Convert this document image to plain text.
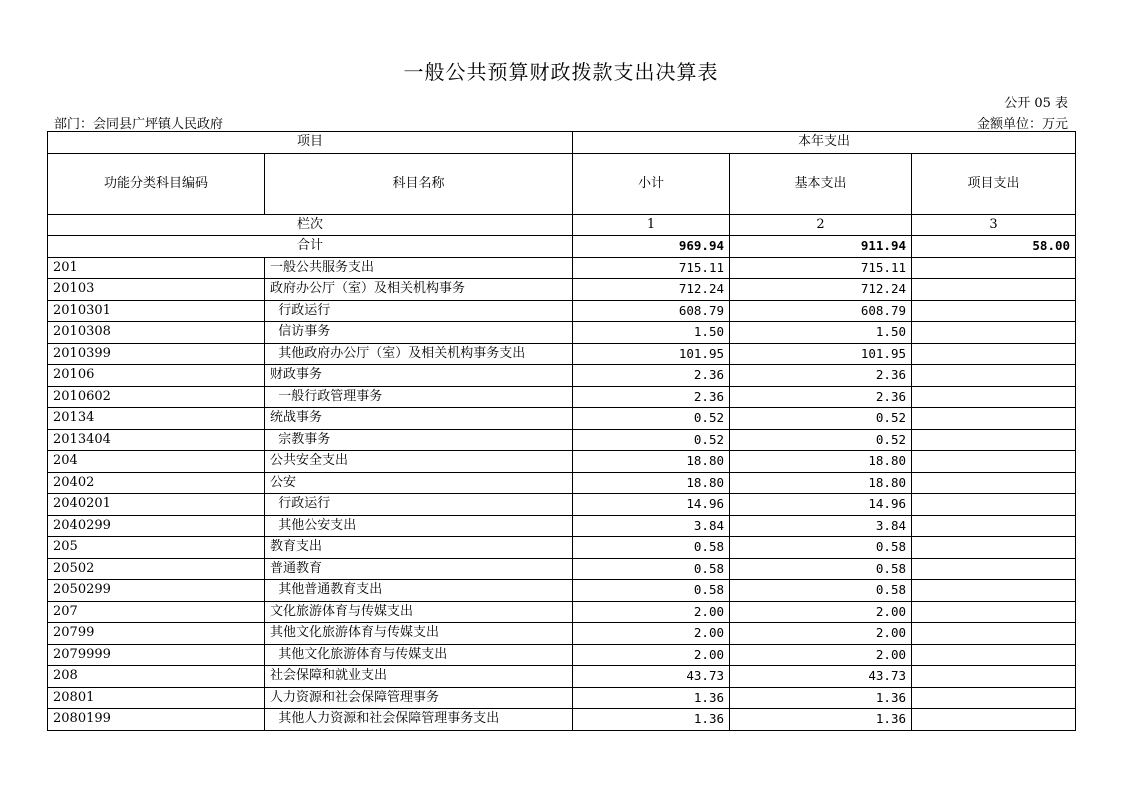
一般公共预算财政拨款支出决算表
公开 05 表
部门：会同县广坪镇人民政府	金额单位：万元
项目		本年支出		
功能分类科目编码	科目名称	小计	基本支出	项目支出
栏次		1	2	3
合计		969.94	911.94	58.00
201	一般公共服务支出	715.11	715.11	
20103	政府办公厅（室）及相关机构事务	712.24	712.24	
2010301	行政运行	608.79	608.79	
2010308	信访事务	1.50	1.50	
2010399	其他政府办公厅（室）及相关机构事务支出	101.95	101.95	
20106	财政事务	2.36	2.36	
2010602	一般行政管理事务	2.36	2.36	
20134	统战事务	0.52	0.52	
2013404	宗教事务	0.52	0.52	
204	公共安全支出	18.80	18.80	
20402	公安	18.80	18.80	
2040201	行政运行	14.96	14.96	
2040299	其他公安支出	3.84	3.84	
205	教育支出	0.58	0.58	
20502	普通教育	0.58	0.58	
2050299	其他普通教育支出	0.58	0.58	
207	文化旅游体育与传媒支出	2.00	2.00	
20799	其他文化旅游体育与传媒支出	2.00	2.00	
2079999	其他文化旅游体育与传媒支出	2.00	2.00	
208	社会保障和就业支出	43.73	43.73	
20801	人力资源和社会保障管理事务	1.36	1.36	
2080199	其他人力资源和社会保障管理事务支出	1.36	1.36	
